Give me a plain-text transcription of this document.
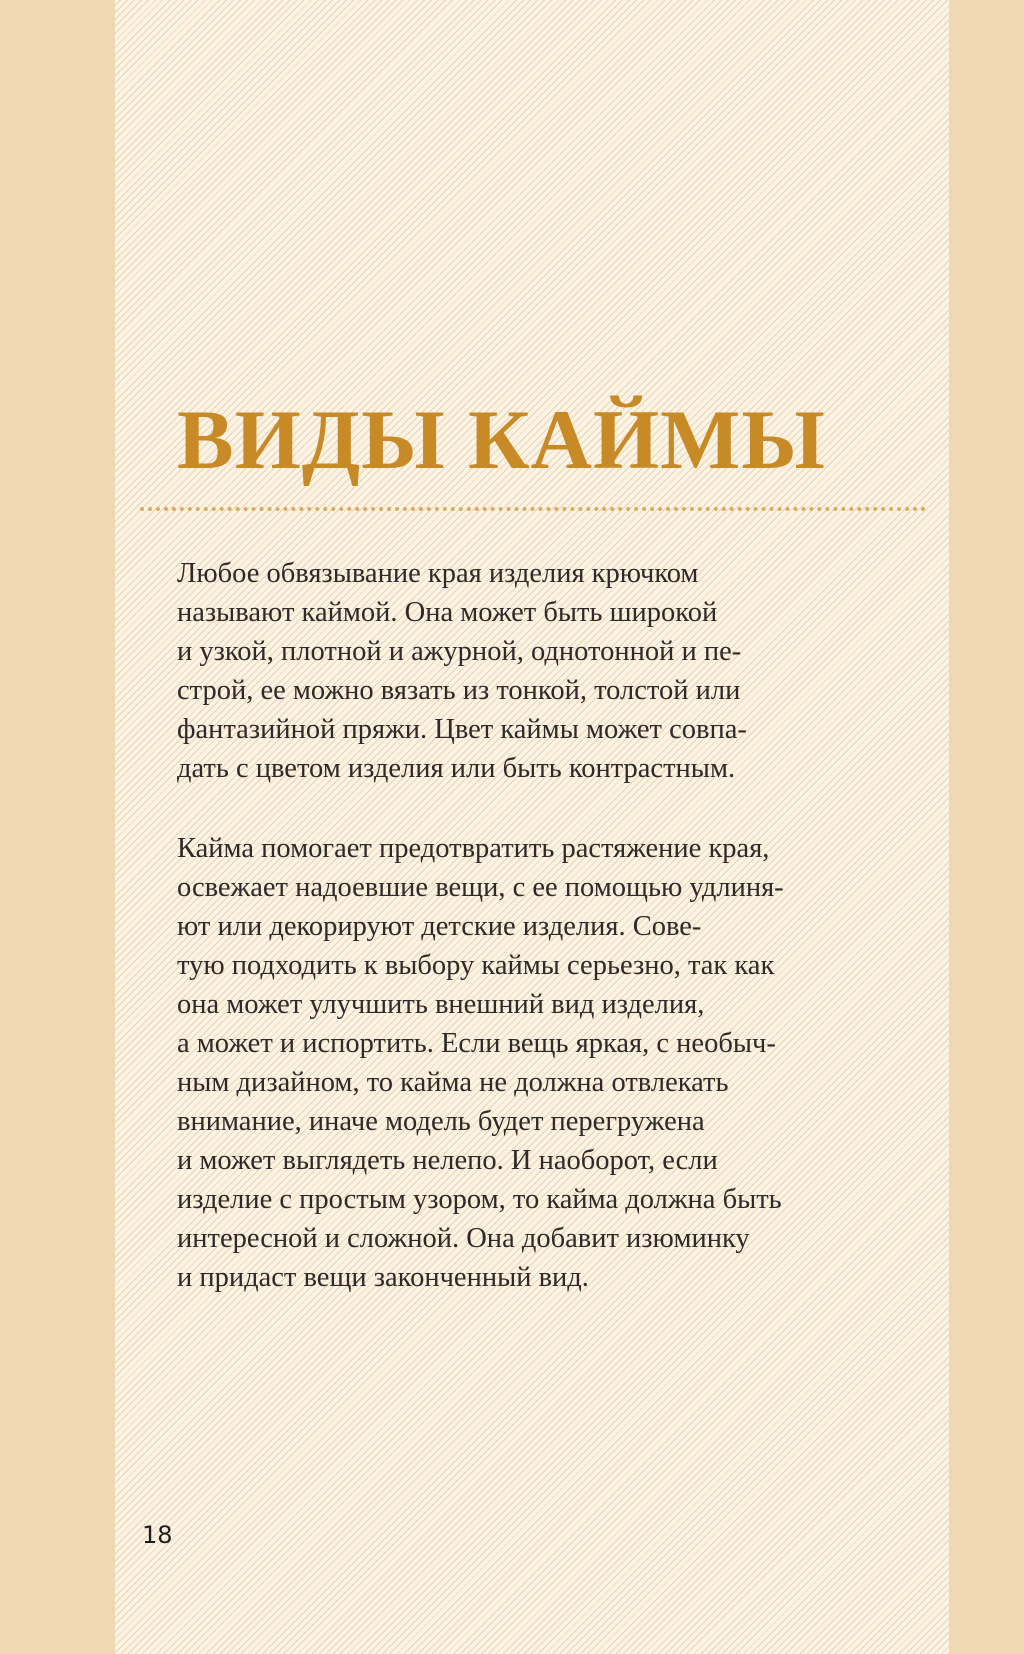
ВИДЫ КАЙМЫ
Любое обвязывание края изделия крючком
называют каймой. Она может быть широкой
и узкой, плотной и ажурной, однотонной и пе-
строй, ее можно вязать из тонкой, толстой или
фантазийной пряжи. Цвет каймы может совпа-
дать с цветом изделия или быть контрастным.
Кайма помогает предотвратить растяжение края,
освежает надоевшие вещи, с ее помощью удлиня-
ют или декорируют детские изделия. Сове-
тую подходить к выбору каймы серьезно, так как
она может улучшить внешний вид изделия,
а может и испортить. Если вещь яркая, с необыч-
ным дизайном, то кайма не должна отвлекать
внимание, иначе модель будет перегружена
и может выглядеть нелепо. И наоборот, если
изделие с простым узором, то кайма должна быть
интересной и сложной. Она добавит изюминку
и придаст вещи законченный вид.
18
